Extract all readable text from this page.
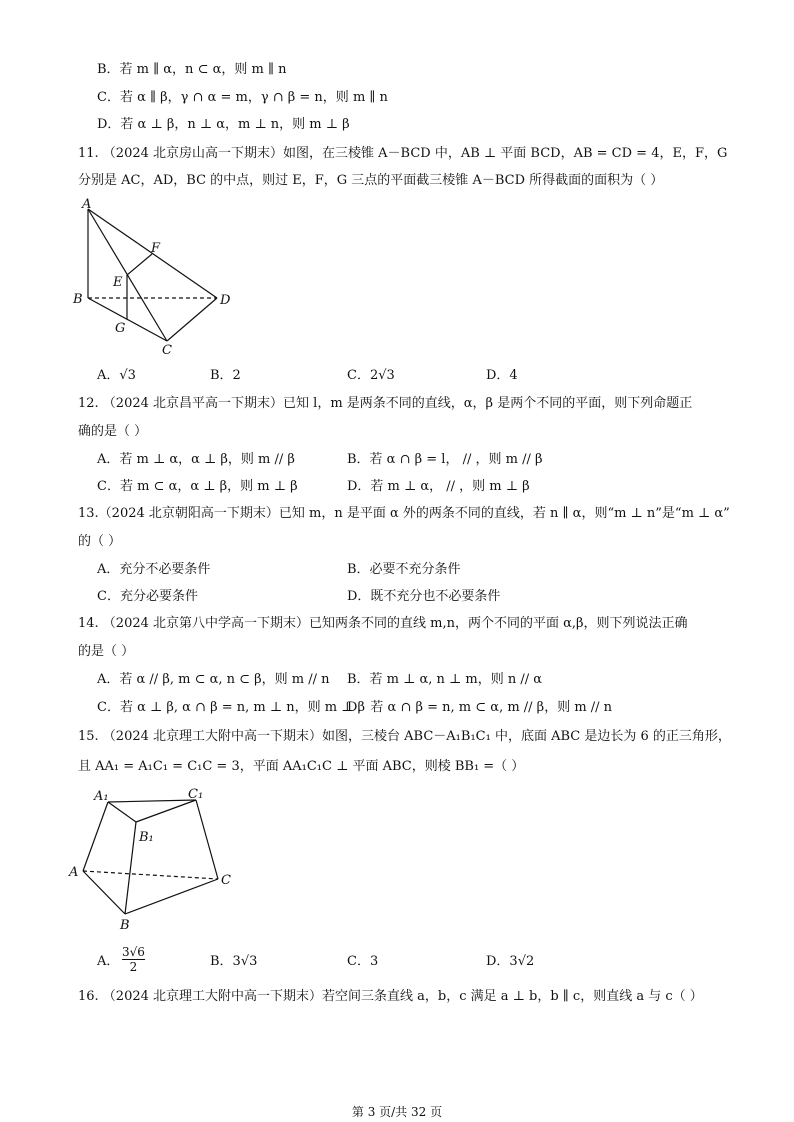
B．若 m ∥ α，n ⊂ α，则 m ∥ n
C．若 α ∥ β，γ ∩ α = m，γ ∩ β = n，则 m ∥ n
D．若 α ⊥ β，n ⊥ α，m ⊥ n，则 m ⊥ β
11. （2024 北京房山高一下期末）如图，在三棱锥 A－BCD 中，AB ⊥ 平面 BCD，AB = CD = 4，E，F，G
分别是 AC，AD，BC 的中点，则过 E，F，G 三点的平面截三棱锥 A－BCD 所得截面的面积为（ ）
A
B
C
D
E
F
G
A．√3	B．2	C．2√3	D．4
12. （2024 北京昌平高一下期末）已知 l，m 是两条不同的直线，α，β 是两个不同的平面，则下列命题正
确的是（ ）
A．若 m ⊥ α，α ⊥ β，则 m // β	B．若 α ∩ β = l， // ，则 m // β
C．若 m ⊂ α，α ⊥ β，则 m ⊥ β	D．若 m ⊥ α， // ，则 m ⊥ β
13.（2024 北京朝阳高一下期末）已知 m，n 是平面 α 外的两条不同的直线，若 n ∥ α，则“m ⊥ n”是“m ⊥ α”
的（ ）
A．充分不必要条件	B．必要不充分条件
C．充分必要条件	D．既不充分也不必要条件
14. （2024 北京第八中学高一下期末）已知两条不同的直线 m,n，两个不同的平面 α,β，则下列说法正确
的是（ ）
A．若 α // β, m ⊂ α, n ⊂ β，则 m // n B．若 m ⊥ α, n ⊥ m，则 n // α
C．若 α ⊥ β, α ∩ β = n, m ⊥ n，则 m ⊥ β
D．若 α ∩ β = n, m ⊂ α, m // β，则 m // n
15. （2024 北京理工大附中高一下期末）如图，三棱台 ABC－A₁B₁C₁ 中，底面 ABC 是边长为 6 的正三角形，
且 AA₁ = A₁C₁ = C₁C = 3，平面 AA₁C₁C ⊥ 平面 ABC，则棱 BB₁ =（ ）
A₁	C₁
B₁
A
C
B
A． $\frac{3√6}{2}$	B．3√3	C．3	D．3√2
16. （2024 北京理工大附中高一下期末）若空间三条直线 a，b，c 满足 a ⊥ b，b ∥ c，则直线 a 与 c（ ）
第 3 页/共 32 页
